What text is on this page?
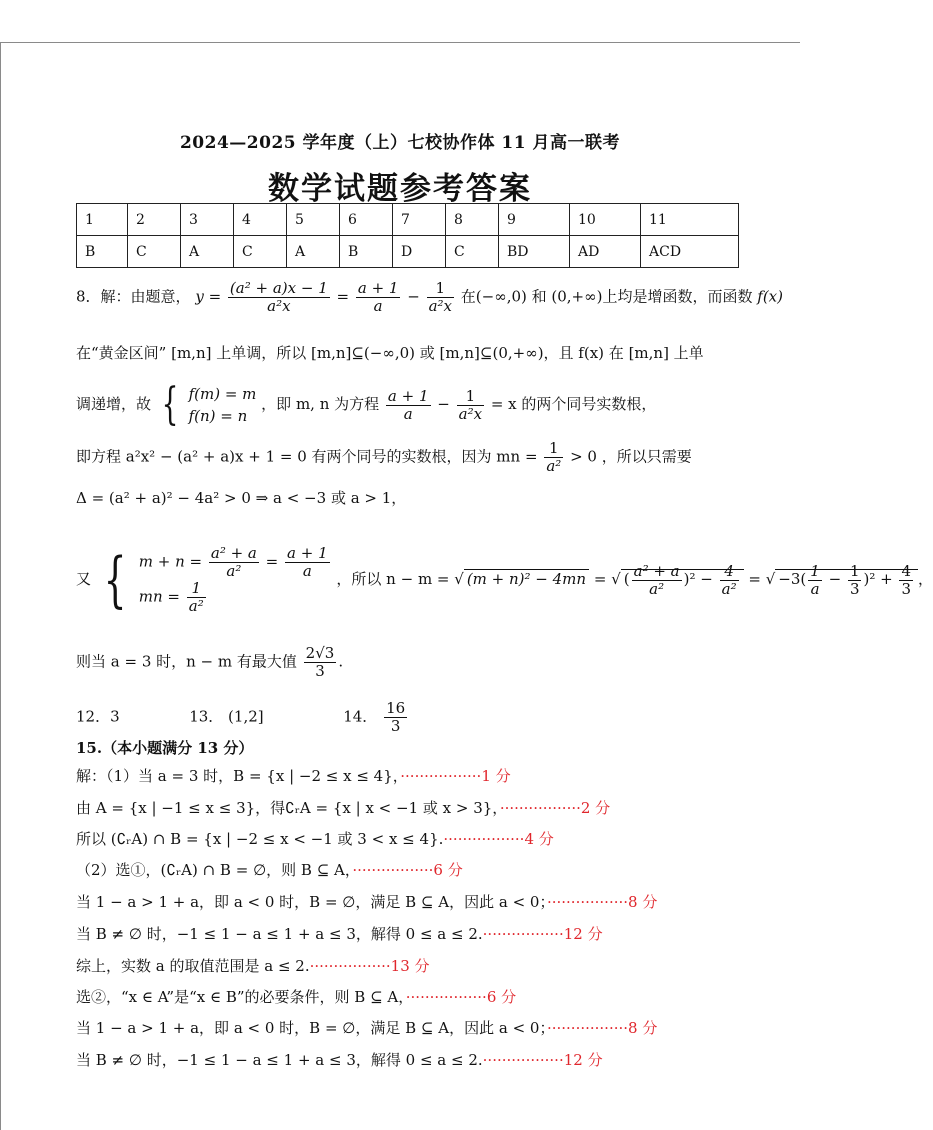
2024—2025 学年度（上）七校协作体 11 月高一联考
数学试题参考答案
1	2	3	4	5	6	7	8	9	10	11
B	C	A	C	A	B	D	C	BD	AD	ACD
8．解：由题意， $y = \frac{\text{(a² + a)x − 1}}{\text{a²x}} = \frac{a + 1}{a} - \frac{1}{\text{a²x}}$ 在(−∞,0) 和 (0,+∞)上均是增函数，而函数 f(x)
在“黄金区间” [m,n] 上单调，所以 [m,n]⊆(−∞,0) 或 [m,n]⊆(0,+∞)，且 f(x) 在 [m,n] 上单
调递增，故 { f(m) = m
f(n) = n ，即 m, n 为方程 $\frac{a + 1}{a} - \frac{1}{\text{a²x}} = x$ 的两个同号实数根，
即方程 a²x² − (a² + a)x + 1 = 0 有两个同号的实数根，因为 mn = $\frac{1}{\text{a²}} > 0$ ，所以只需要
Δ = (a² + a)² − 4a² > 0 ⇒ a < −3 或 a > 1，
又 { $m + n = \frac{\text{a² + a}}{\text{a²}} = \frac{a + 1}{a}$

mn = $\frac{1}{\text{a²}}$
，所以 n − m = √ (m + n)² − 4mn = √ ( $\frac{\text{a² + a}}{\text{a²}} )^2 - \frac{4}{\text{a²}}$ = √ $-3( \frac{1}{a} - \frac{1}{3} )^2 + \frac{4}{3}$ ，
则当 a = 3 时，n − m 有最大值 $\frac{2√3}{3}$ .
12．3	13． (1,2]	14． $\frac{16}{3}$
15.（本小题满分 13 分）
解：（1）当 a = 3 时，B = {x | −2 ≤ x ≤ 4}，·················1 分
由 A = {x | −1 ≤ x ≤ 3}，得∁ᵣA = {x | x < −1 或 x > 3}，·················2 分
所以 (∁ᵣA) ∩ B = {x | −2 ≤ x < −1 或 3 < x ≤ 4}.·················4 分
（2）选①，(∁ᵣA) ∩ B = ∅，则 B ⊆ A，·················6 分
当 1 − a > 1 + a，即 a < 0 时，B = ∅，满足 B ⊆ A，因此 a < 0；·················8 分
当 B ≠ ∅ 时，−1 ≤ 1 − a ≤ 1 + a ≤ 3，解得 0 ≤ a ≤ 2.·················12 分
综上，实数 a 的取值范围是 a ≤ 2.·················13 分
选②，“x ∈ A”是“x ∈ B”的必要条件，则 B ⊆ A，·················6 分
当 1 − a > 1 + a，即 a < 0 时，B = ∅，满足 B ⊆ A，因此 a < 0；·················8 分
当 B ≠ ∅ 时，−1 ≤ 1 − a ≤ 1 + a ≤ 3，解得 0 ≤ a ≤ 2.·················12 分
